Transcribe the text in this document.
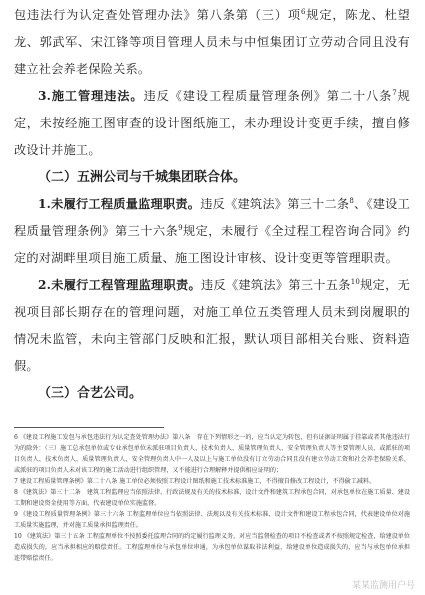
包违法行为认定查处管理办法》第八条第（三）项$^6$规定，陈龙、杜望龙、郭武军、宋江锋等项目管理人员未与中恒集团订立劳动合同且没有建立社会养老保险关系。

3.施工管理违法。违反《建设工程质量管理条例》第二十八条$^7$规定，未按经施工图审查的设计图纸施工，未办理设计变更手续，擅自修改设计并施工。

（二）五洲公司与千城集团联合体。

1.未履行工程质量监理职责。违反《建筑法》第三十二条$^8$、《建设工程质量管理条例》第三十六条$^9$规定，未履行《全过程工程咨询合同》约定的对湖畔里项目施工质量、施工图设计审核、设计变更等管理职责。

2.未履行工程管理监理职责。违反《建筑法》第三十五条$^{10}$规定，无视项目部长期存在的管理问题，对施工单位五类管理人员未到岗履职的情况未监管，未向主管部门反映和汇报，默认项目部相关台账、资料造假。

（三）合艺公司。

6 《建设工程施工发包与承包违法行为认定查处管理办法》第八条　存在下列情形之一的，应当认定为转包，但有证据证明属于挂靠或者其他违法行为的除外：（三）施工总承包单位或专业承包单位未派驻项目负责人、技术负责人、质量管理负责人、安全管理负责人等主要管理人员，或派驻的项目负责人、技术负责人、质量管理负责人、安全管理负责人中一人及以上与施工单位没有订立劳动合同且没有建立劳动工资和社会养老保险关系，或派驻的项目负责人未对该工程的施工活动进行组织管理，又不能进行合理解释并提供相应证明的；

7 建设工程质量管理条例》第二十八条 施工单位必须按照工程设计图纸和施工技术标准施工，不得擅自修改工程设计，不得偷工减料。

8 《建筑法》第三十二条　建筑工程监理应当依照法律、行政法规及有关的技术标准、设计文件和建筑工程承包合同，对承包单位在施工质量、建设工期和建设资金使用等方面，代表建设单位实施监督。

9 《建设工程质量管理条例》第三十六条 工程监理单位应当依照法律、法规以及有关技术标准、设计文件和建设工程承包合同，代表建设单位对施工质量实施监理，并对施工质量承担监理责任。

10 《建筑法》第三十五条 工程监理单位不按照委托监理合同的约定履行监理义务，对应当监督检查的项目不检查或者不按照规定检查，给建设单位造成损失的，应当承担相应的赔偿责任。工程监理单位与承包单位串通，为承包单位谋取非法利益，给建设单位造成损失的，应当与承包单位承担连带赔偿责任。

某某监测用户号
